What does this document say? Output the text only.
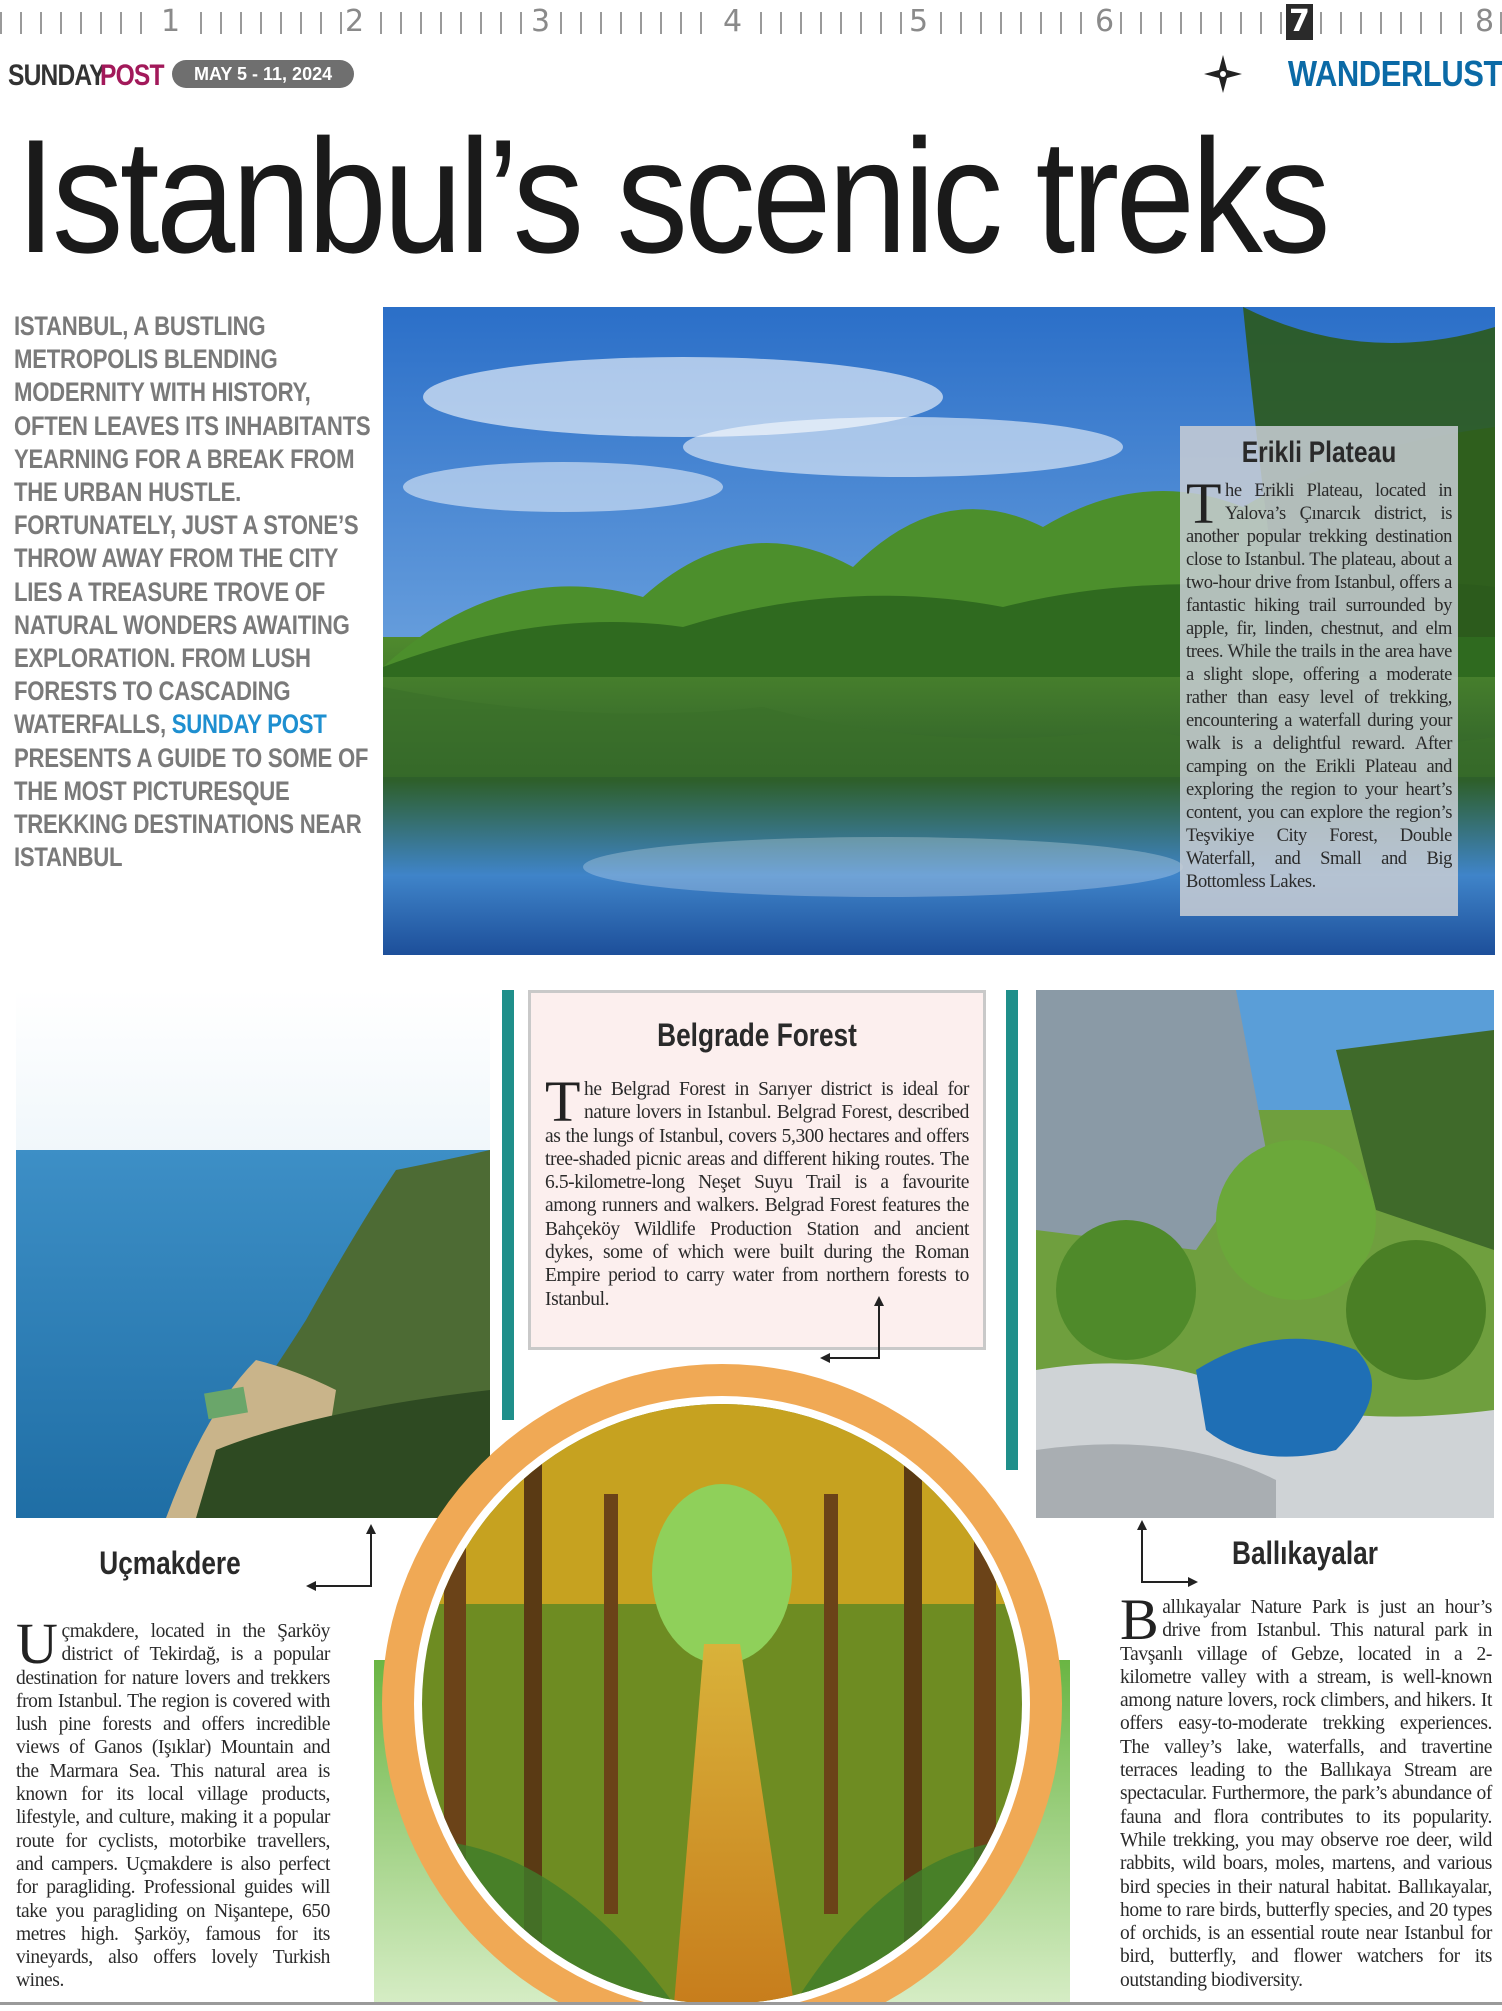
1	2	3	4	5	6	7	8
SUNDAY
POST	MAY 5 - 11, 2024	WANDERLUST
Istanbul’s scenic treks
ISTANBUL, A BUSTLING METROPOLIS BLENDING MODERNITY WITH HISTORY, OFTEN LEAVES ITS INHABITANTS YEARNING FOR A BREAK FROM THE URBAN HUSTLE. FORTUNATELY, JUST A STONE’S THROW AWAY FROM THE CITY LIES A TREASURE TROVE OF NATURAL WONDERS AWAITING EXPLORATION. FROM LUSH FORESTS TO CASCADING WATERFALLS, SUNDAY POST PRESENTS A GUIDE TO SOME OF THE MOST PICTURESQUE TREKKING DESTINATIONS NEAR ISTANBUL
Erikli Plateau
The Erikli Plateau, located in Yalova’s Çınarcık district, is another popular trekking destination close to Istanbul. The plateau, about a two-hour drive from Istanbul, offers a fantastic hiking trail surrounded by apple, fir, linden, chestnut, and elm trees. While the trails in the area have a slight slope, offering a moderate rather than easy level of trekking, encountering a waterfall during your walk is a delightful reward. After camping on the Erikli Plateau and exploring the region to your heart’s content, you can explore the region’s Teşvikiye City Forest, Double Waterfall, and Small and Big Bottomless Lakes.
Belgrade Forest
The Belgrad Forest in Sarıyer district is ideal for nature lovers in Istanbul. Belgrad Forest, described as the lungs of Istanbul, covers 5,300 hectares and offers tree-shaded picnic areas and different hiking routes. The 6.5-kilometre-long Neşet Suyu Trail is a favourite among runners and walkers. Belgrad Forest features the Bahçeköy Wildlife Production Station and ancient dykes, some of which were built during the Roman Empire period to carry water from northern forests to Istanbul.
Uçmakdere
Uçmakdere, located in the Şarköy district of Tekirdağ, is a popular destination for nature lovers and trekkers from Istanbul. The region is covered with lush pine forests and offers incredible views of Ganos (Işıklar) Mountain and the Marmara Sea. This natural area is known for its local village products, lifestyle, and culture, making it a popular route for cyclists, motorbike travellers, and campers. Uçmakdere is also perfect for paragliding. Professional guides will take you paragliding on Nişantepe, 650 metres high. Şarköy, famous for its vineyards, also offers lovely Turkish wines.
Ballıkayalar
Ballıkayalar Nature Park is just an hour’s drive from Istanbul. This natural park in Tavşanlı village of Gebze, located in a 2-kilometre valley with a stream, is well-known among nature lovers, rock climbers, and hikers. It offers easy-to-moderate trekking experiences. The valley’s lake, waterfalls, and travertine terraces leading to the Ballıkaya Stream are spectacular. Furthermore, the park’s abundance of fauna and flora contributes to its popularity. While trekking, you may observe roe deer, wild rabbits, wild boars, moles, martens, and various bird species in their natural habitat. Ballıkayalar, home to rare birds, butterfly species, and 20 types of orchids, is an essential route near Istanbul for bird, butterfly, and flower watchers for its outstanding biodiversity.
